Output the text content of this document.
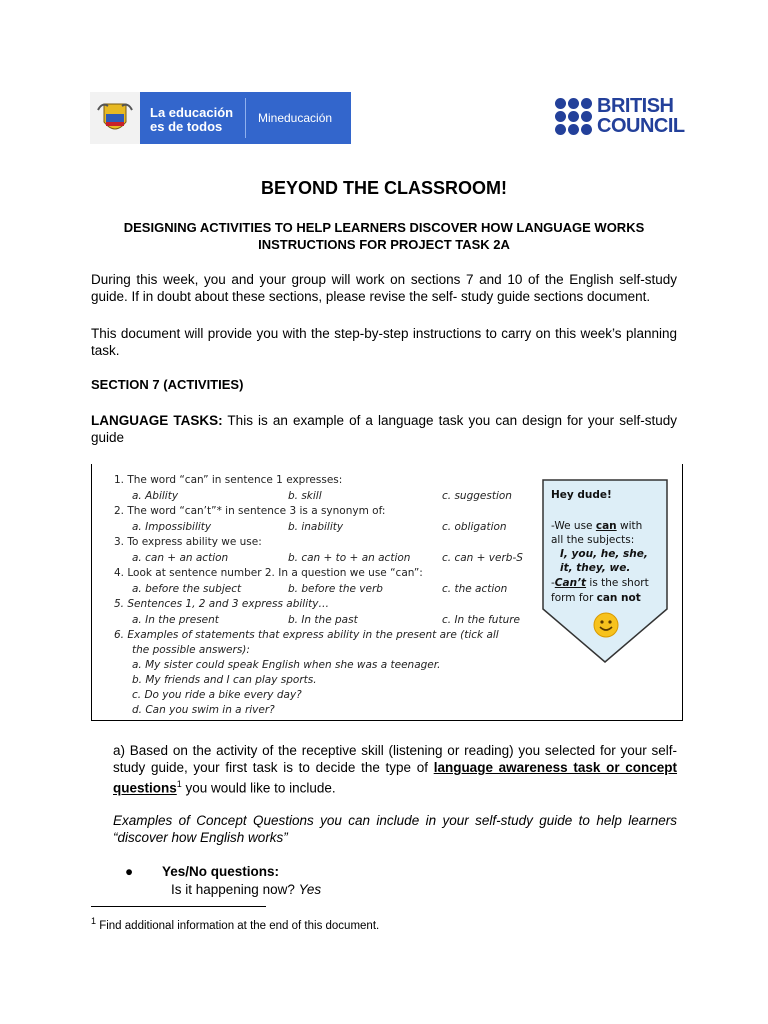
La educación
es de todos
Mineducación
BRITISH
COUNCIL
BEYOND THE CLASSROOM!
DESIGNING ACTIVITIES TO HELP LEARNERS DISCOVER HOW LANGUAGE WORKS
INSTRUCTIONS FOR PROJECT TASK 2A
During this week, you and your group will work on sections 7 and 10 of the English self-study guide. If in doubt about these sections, please revise the self- study guide sections document.
This document will provide you with the step-by-step instructions to carry on this week’s planning task.
SECTION 7 (ACTIVITIES)
LANGUAGE TASKS: This is an example of a language task you can design for your self-study guide
1. The word “can” in sentence 1 expresses:
a. Ability	b. skill	c. suggestion
2. The word “can’t”* in sentence 3 is a synonym of:
a. Impossibility	b. inability	c. obligation
3. To express ability we use:
a. can + an action	b. can + to + an action	c. can + verb-S
4. Look at sentence number 2. In a question we use “can”:
a. before the subject	b. before the verb	c. the action
5. Sentences 1, 2 and 3 express ability…
a. In the present	b. In the past	c. In the future
6. Examples of statements that express ability in the present are (tick all
the possible answers):
a. My sister could speak English when she was a teenager.
b. My friends and I can play sports.
c. Do you ride a bike every day?
d. Can you swim in a river?
Hey dude!
-We use can with
all the subjects:
I, you, he, she,
it, they, we.
-Can’t is the short
form for can not
a) Based on the activity of the receptive skill (listening or reading) you selected for your self-study guide, your first task is to decide the type of language awareness task or concept questions$^1$ you would like to include.
Examples of Concept Questions you can include in your self-study guide to help learners “discover how English works”
● Yes/No questions:
Is it happening now? Yes
$^1$ Find additional information at the end of this document.
